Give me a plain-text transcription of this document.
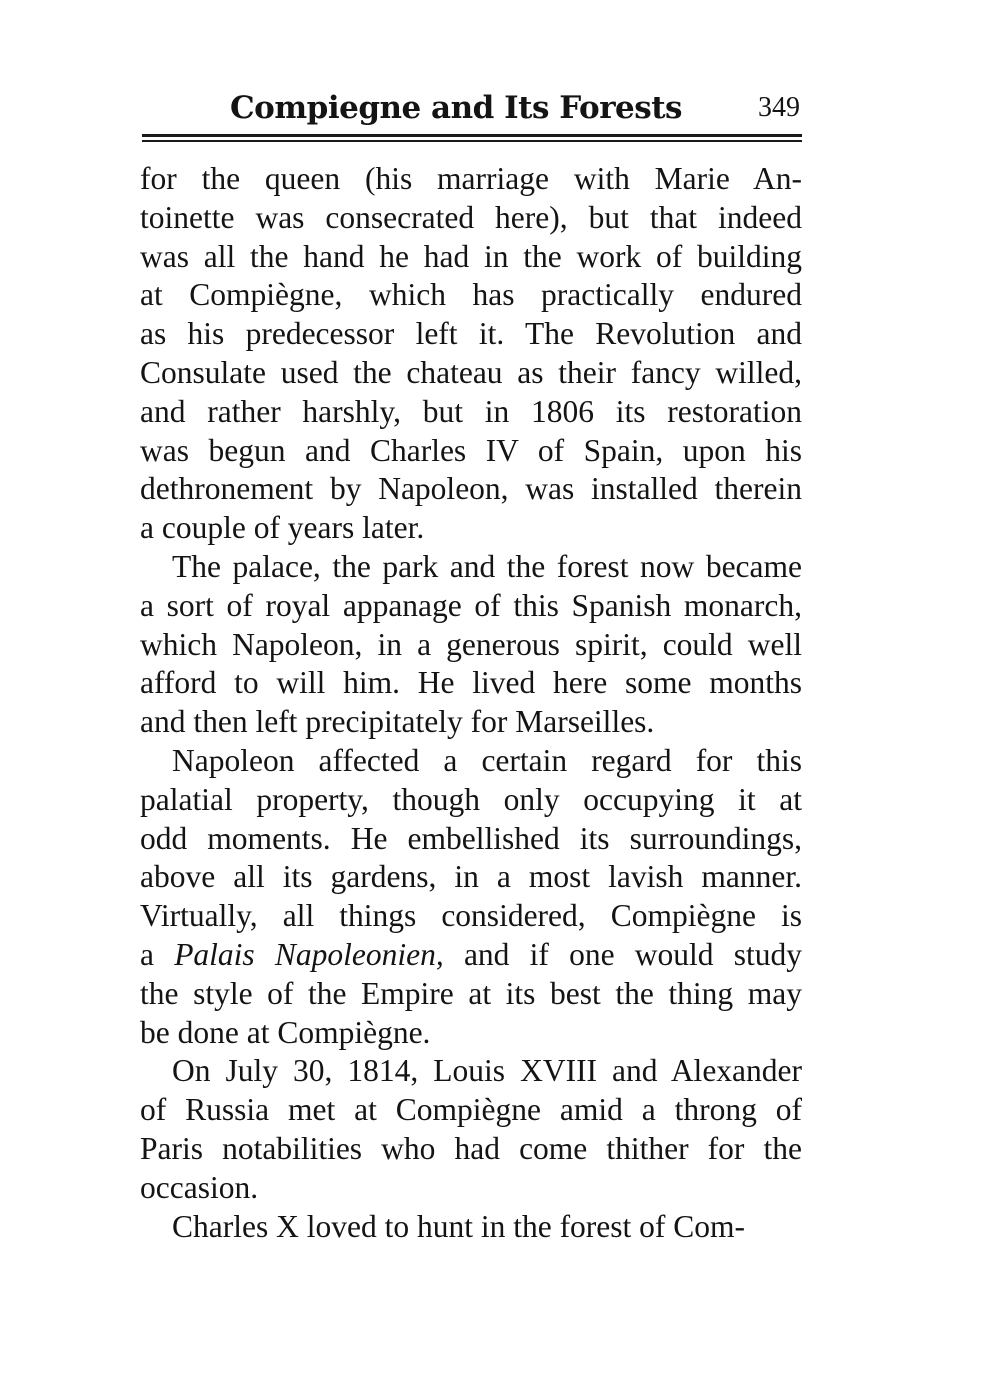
Compiegne and Its Forests	349
for the queen (his marriage with Marie An-
toinette was consecrated here), but that indeed
was all the hand he had in the work of building
at Compiègne, which has practically endured
as his predecessor left it. The Revolution and
Consulate used the chateau as their fancy willed,
and rather harshly, but in 1806 its restoration
was begun and Charles IV of Spain, upon his
dethronement by Napoleon, was installed therein
a couple of years later.
The palace, the park and the forest now became
a sort of royal appanage of this Spanish monarch,
which Napoleon, in a generous spirit, could well
afford to will him. He lived here some months
and then left precipitately for Marseilles.
Napoleon affected a certain regard for this
palatial property, though only occupying it at
odd moments. He embellished its surroundings,
above all its gardens, in a most lavish manner.
Virtually, all things considered, Compiègne is
a Palais Napoleonien, and if one would study
the style of the Empire at its best the thing may
be done at Compiègne.
On July 30, 1814, Louis XVIII and Alexander
of Russia met at Compiègne amid a throng of
Paris notabilities who had come thither for the
occasion.
Charles X loved to hunt in the forest of Com-
